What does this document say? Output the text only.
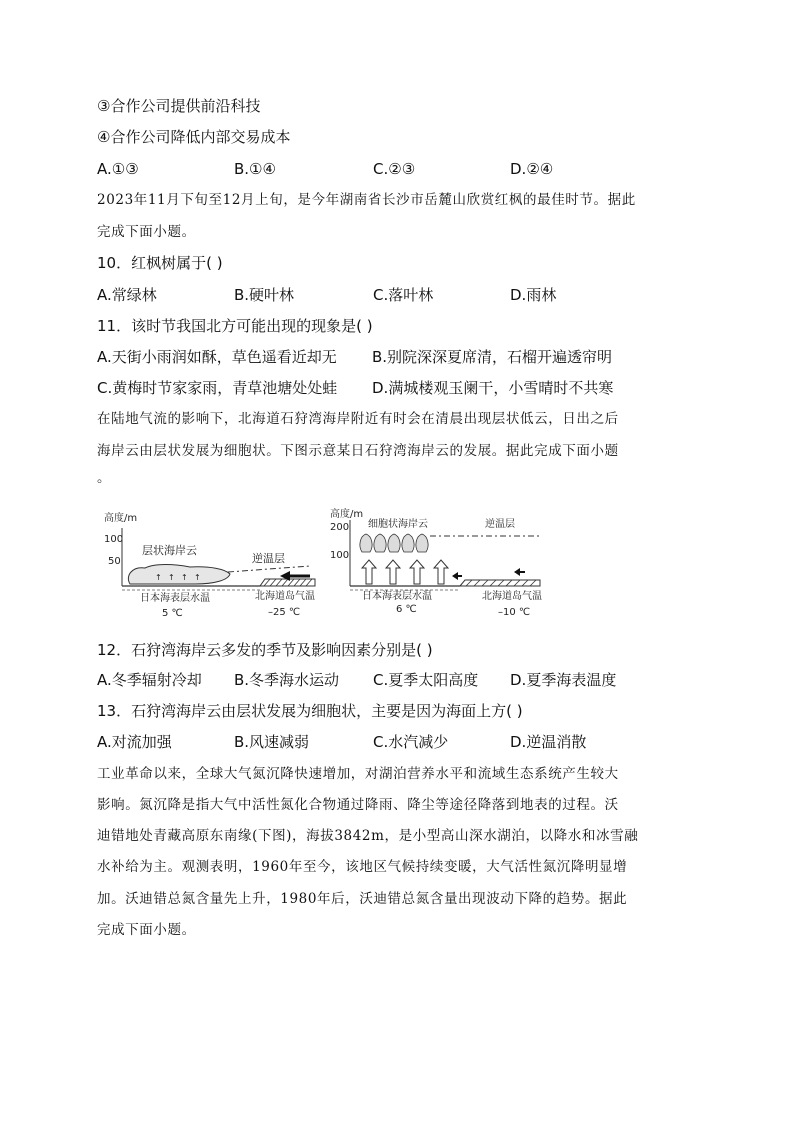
③合作公司提供前沿科技
④合作公司降低内部交易成本
A.①③	B.①④	C.②③	D.②④
2023年11月下旬至12月上旬，是今年湖南省长沙市岳麓山欣赏红枫的最佳时节。据此
完成下面小题。
10．红枫树属于( )
A.常绿林	B.硬叶林	C.落叶林	D.雨林
11．该时节我国北方可能出现的现象是( )
A.天街小雨润如酥，草色遥看近却无 B.别院深深夏席清，石榴开遍透帘明
C.黄梅时节家家雨，青草池塘处处蛙 D.满城楼观玉阑干，小雪晴时不共寒
在陆地气流的影响下，北海道石狩湾海岸附近有时会在清晨出现层状低云，日出之后
海岸云由层状发展为细胞状。下图示意某日石狩湾海岸云的发展。据此完成下面小题
。
高度/m
100
50
↑ ↑ ↑ ↑
层状海岸云
逆温层
日本海表层水温
5 ℃
北海道岛气温
–25 ℃
高度/m
200
100
细胞状海岸云	逆温层
日本海表层水温
6 ℃
北海道岛气温
–10 ℃
12．石狩湾海岸云多发的季节及影响因素分别是( )
A.冬季辐射冷却 B.冬季海水运动 C.夏季太阳高度 D.夏季海表温度
13．石狩湾海岸云由层状发展为细胞状，主要是因为海面上方( )
A.对流加强	B.风速减弱	C.水汽减少	D.逆温消散
工业革命以来，全球大气氮沉降快速增加，对湖泊营养水平和流域生态系统产生较大
影响。氮沉降是指大气中活性氮化合物通过降雨、降尘等途径降落到地表的过程。沃
迪错地处青藏高原东南缘(下图)，海拔3842m，是小型高山深水湖泊，以降水和冰雪融
水补给为主。观测表明，1960年至今，该地区气候持续变暖，大气活性氮沉降明显增
加。沃迪错总氮含量先上升，1980年后，沃迪错总氮含量出现波动下降的趋势。据此
完成下面小题。
